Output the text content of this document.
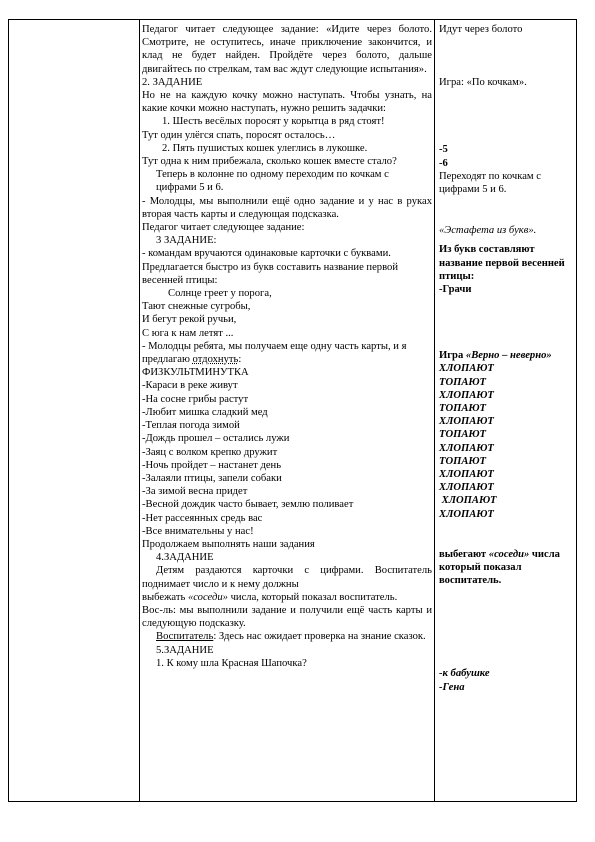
Педагог читает следующее задание: «Идите через болото. Смотрите, не оступитесь, иначе приключение закончится, и клад не будет найден. Пройдёте через болото, дальше двигайтесь по стрелкам, там вас ждут следующие испытания».

2. ЗАДАНИЕ

Но не на каждую кочку можно наступать. Чтобы узнать, на какие кочки можно наступать, нужно решить задачки:

1. Шесть весёлых поросят у корытца в ряд стоят!

Тут один улёгся спать, поросят осталось…

2. Пять пушистых кошек улеглись в лукошке.

Тут одна к ним прибежала, сколько кошек вместе стало?

Теперь в колонне по одному переходим по кочкам с цифрами 5 и 6.

- Молодцы, мы выполнили ещё одно задание и у нас в руках вторая часть карты и следующая подсказка.

Педагог читает следующее задание:

3 ЗАДАНИЕ:

- командам вручаются одинаковые карточки с буквами.

Предлагается быстро из букв составить название первой весенней птицы:

Солнце греет у порога,

Тают снежные сугробы,

И бегут рекой ручьи,

С юга к нам летят ...

- Молодцы ребята, мы получаем еще одну часть карты, и я предлагаю отдохнуть:

ФИЗКУЛЬТМИНУТКА

-Караси в реке живут

-На сосне грибы растут

-Любит мишка сладкий мед

-Теплая погода зимой

-Дождь прошел – остались лужи

-Заяц с волком крепко дружит

-Ночь пройдет – настанет день

-Залаяли птицы, запели собаки

-За зимой весна придет

-Весной дождик часто бывает, землю поливает

-Нет рассеянных средь вас

-Все внимательны у нас!

Продолжаем выполнять наши задания

4.ЗАДАНИЕ

Детям раздаются карточки с цифрами. Воспитатель поднимает число и к нему должны

выбежать «соседи» числа, который показал воспитатель.

Вос-ль: мы выполнили задание и получили ещё часть карты и следующую подсказку.

Воспитатель: Здесь нас ожидает проверка на знание сказок.

5.ЗАДАНИЕ

1. К кому шла Красная Шапочка?

Идут через болото

Игра: «По кочкам».

-5

-6

Переходят по кочкам с цифрами 5 и 6.

«Эстафета из букв».

Из букв составляют название первой весенней птицы:

-Грачи

Игра «Верно – неверно»

ХЛОПАЮТ

ТОПАЮТ

ХЛОПАЮТ

ТОПАЮТ

ХЛОПАЮТ

ТОПАЮТ

ХЛОПАЮТ

ТОПАЮТ

ХЛОПАЮТ

ХЛОПАЮТ

ХЛОПАЮТ

ХЛОПАЮТ

выбегают «соседи» числа который показал воспитатель.

-к бабушке

-Гена
